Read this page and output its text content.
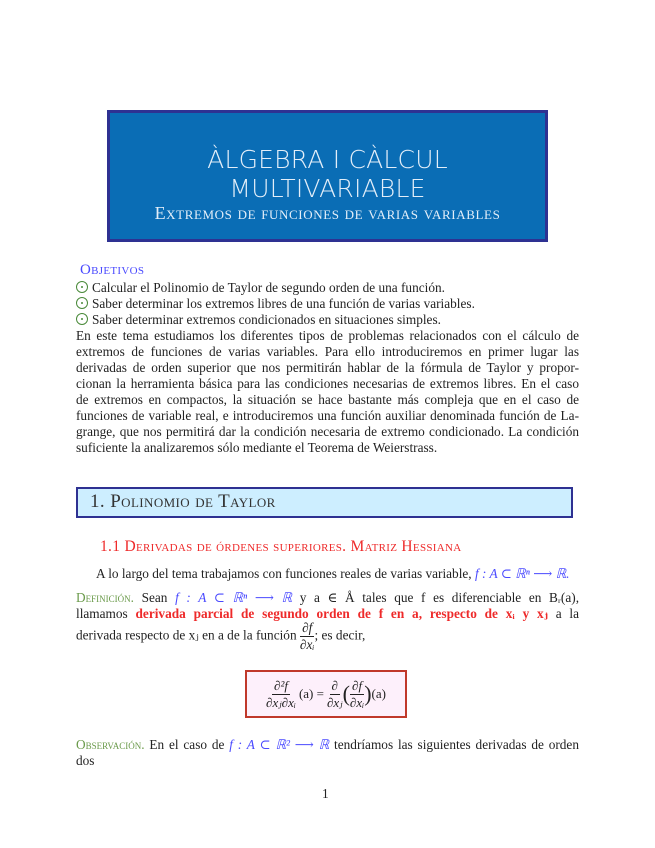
ÀLGEBRA I CÀLCUL MULTIVARIABLE
Extremos de funciones de varias variables
Objetivos
Calcular el Polinomio de Taylor de segundo orden de una función.
Saber determinar los extremos libres de una función de varias variables.
Saber determinar extremos condicionados en situaciones simples.
En este tema estudiamos los diferentes tipos de problemas relacionados con el cálculo de
extremos de funciones de varias variables. Para ello introduciremos en primer lugar las
derivadas de orden superior que nos permitirán hablar de la fórmula de Taylor y propor-
cionan la herramienta básica para las condiciones necesarias de extremos libres. En el caso
de extremos en compactos, la situación se hace bastante más compleja que en el caso de
funciones de variable real, e introduciremos una función auxiliar denominada función de La-
grange, que nos permitirá dar la condición necesaria de extremo condicionado. La condición
suficiente la analizaremos sólo mediante el Teorema de Weierstrass.
1. Polinomio de Taylor
1.1 Derivadas de órdenes superiores. Matriz Hessiana
A lo largo del tema trabajamos con funciones reales de varias variable, f : A ⊂ ℝⁿ ⟶ ℝ.
Definición. Sean f : A ⊂ ℝⁿ ⟶ ℝ y a ∈ Å tales que f es diferenciable en Bᵣ(a),
llamamos derivada parcial de segundo orden de f en a, respecto de xᵢ y xⱼ a la
derivada respecto de xⱼ en a de la función $\frac{\partial f}{\text{∂xᵢ}}$ ; es decir,
$\frac{\text{∂²f}}{\text{∂xⱼ∂xᵢ}} (a) = \frac{\partial}{\text{∂xⱼ}}$ ( $\frac{\partial f}{\text{∂xᵢ}}$ ) (a)
Observación. En el caso de f : A ⊂ ℝ² ⟶ ℝ tendríamos las siguientes derivadas de orden
dos
1
